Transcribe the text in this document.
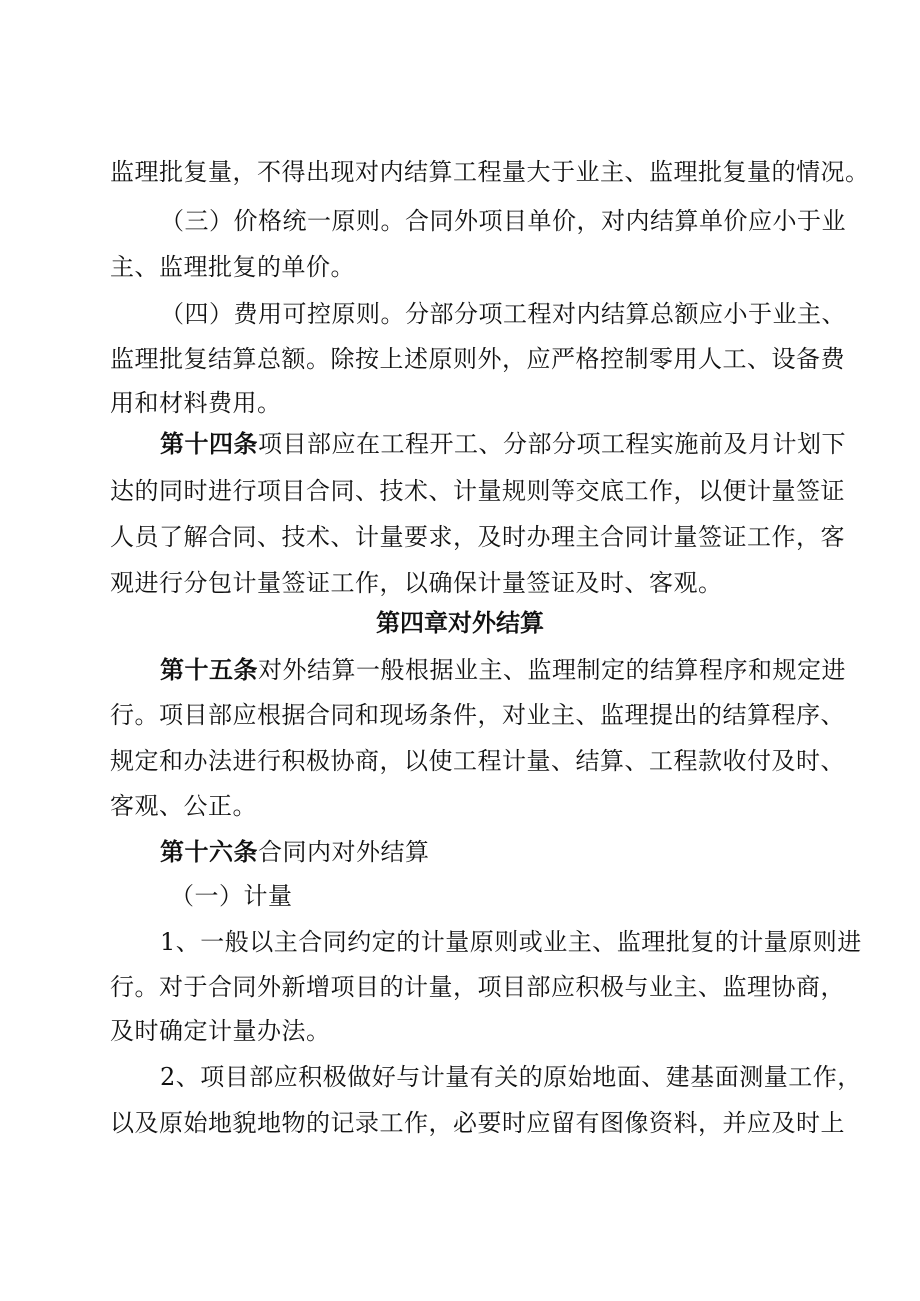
监理批复量，不得出现对内结算工程量大于业主、监理批复量的情况。
（三）价格统一原则。合同外项目单价，对内结算单价应小于业
主、监理批复的单价。
（四）费用可控原则。分部分项工程对内结算总额应小于业主、
监理批复结算总额。除按上述原则外，应严格控制零用人工、设备费
用和材料费用。
第十四条项目部应在工程开工、分部分项工程实施前及月计划下
达的同时进行项目合同、技术、计量规则等交底工作，以便计量签证
人员了解合同、技术、计量要求，及时办理主合同计量签证工作，客
观进行分包计量签证工作，以确保计量签证及时、客观。
第四章对外结算
第十五条对外结算一般根据业主、监理制定的结算程序和规定进
行。项目部应根据合同和现场条件，对业主、监理提出的结算程序、
规定和办法进行积极协商，以使工程计量、结算、工程款收付及时、
客观、公正。
第十六条合同内对外结算
（一）计量
1、一般以主合同约定的计量原则或业主、监理批复的计量原则进
行。对于合同外新增项目的计量，项目部应积极与业主、监理协商，
及时确定计量办法。
2、项目部应积极做好与计量有关的原始地面、建基面测量工作，
以及原始地貌地物的记录工作，必要时应留有图像资料，并应及时上
